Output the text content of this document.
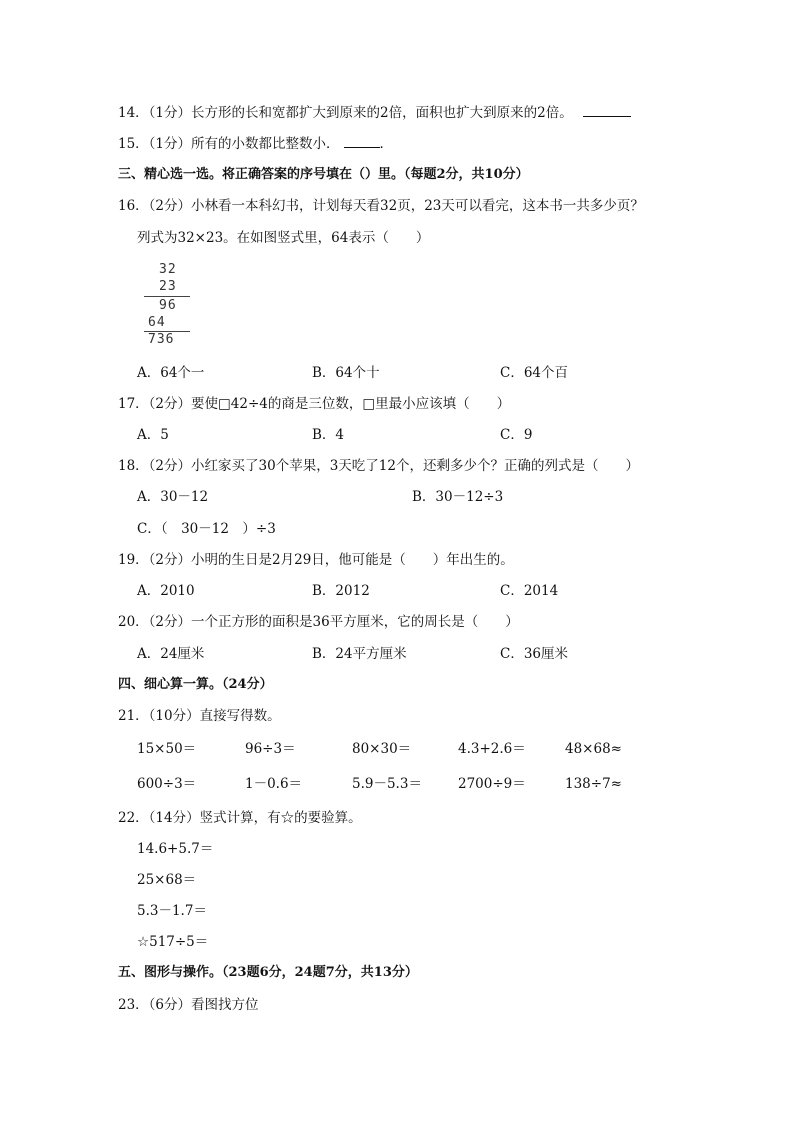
14．（1分）长方形的长和宽都扩大到原来的2倍，面积也扩大到原来的2倍。
15．（1分）所有的小数都比整数小．	．
三、精心选一选。将正确答案的序号填在（）里。（每题2分，共10分）
16．（2分）小林看一本科幻书，计划每天看32页，23天可以看完，这本书一共多少页？
列式为32×23。在如图竖式里，64表示（　　）
32
23
96
64
736
A．64个一	B．64个十	C．64个百
17．（2分）要使□42÷4的商是三位数，□里最小应该填（　　）
A．5	B．4	C．9
18．（2分）小红家买了30个苹果，3天吃了12个，还剩多少个？正确的列式是（　　）
A．30－12	B．30－12÷3
C．（　30－12　）÷3
19．（2分）小明的生日是2月29日，他可能是（　　）年出生的。
A．2010	B．2012	C．2014
20．（2分）一个正方形的面积是36平方厘米，它的周长是（　　）
A．24厘米	B．24平方厘米	C．36厘米
四、细心算一算。（24分）
21．（10分）直接写得数。
15×50＝	96÷3＝	80×30＝	4.3+2.6＝	48×68≈
600÷3＝	1－0.6＝	5.9－5.3＝	2700÷9＝	138÷7≈
22．（14分）竖式计算，有☆的要验算。
14.6+5.7＝
25×68＝
5.3－1.7＝
☆517÷5＝
五、图形与操作。（23题6分，24题7分，共13分）
23．（6分）看图找方位
